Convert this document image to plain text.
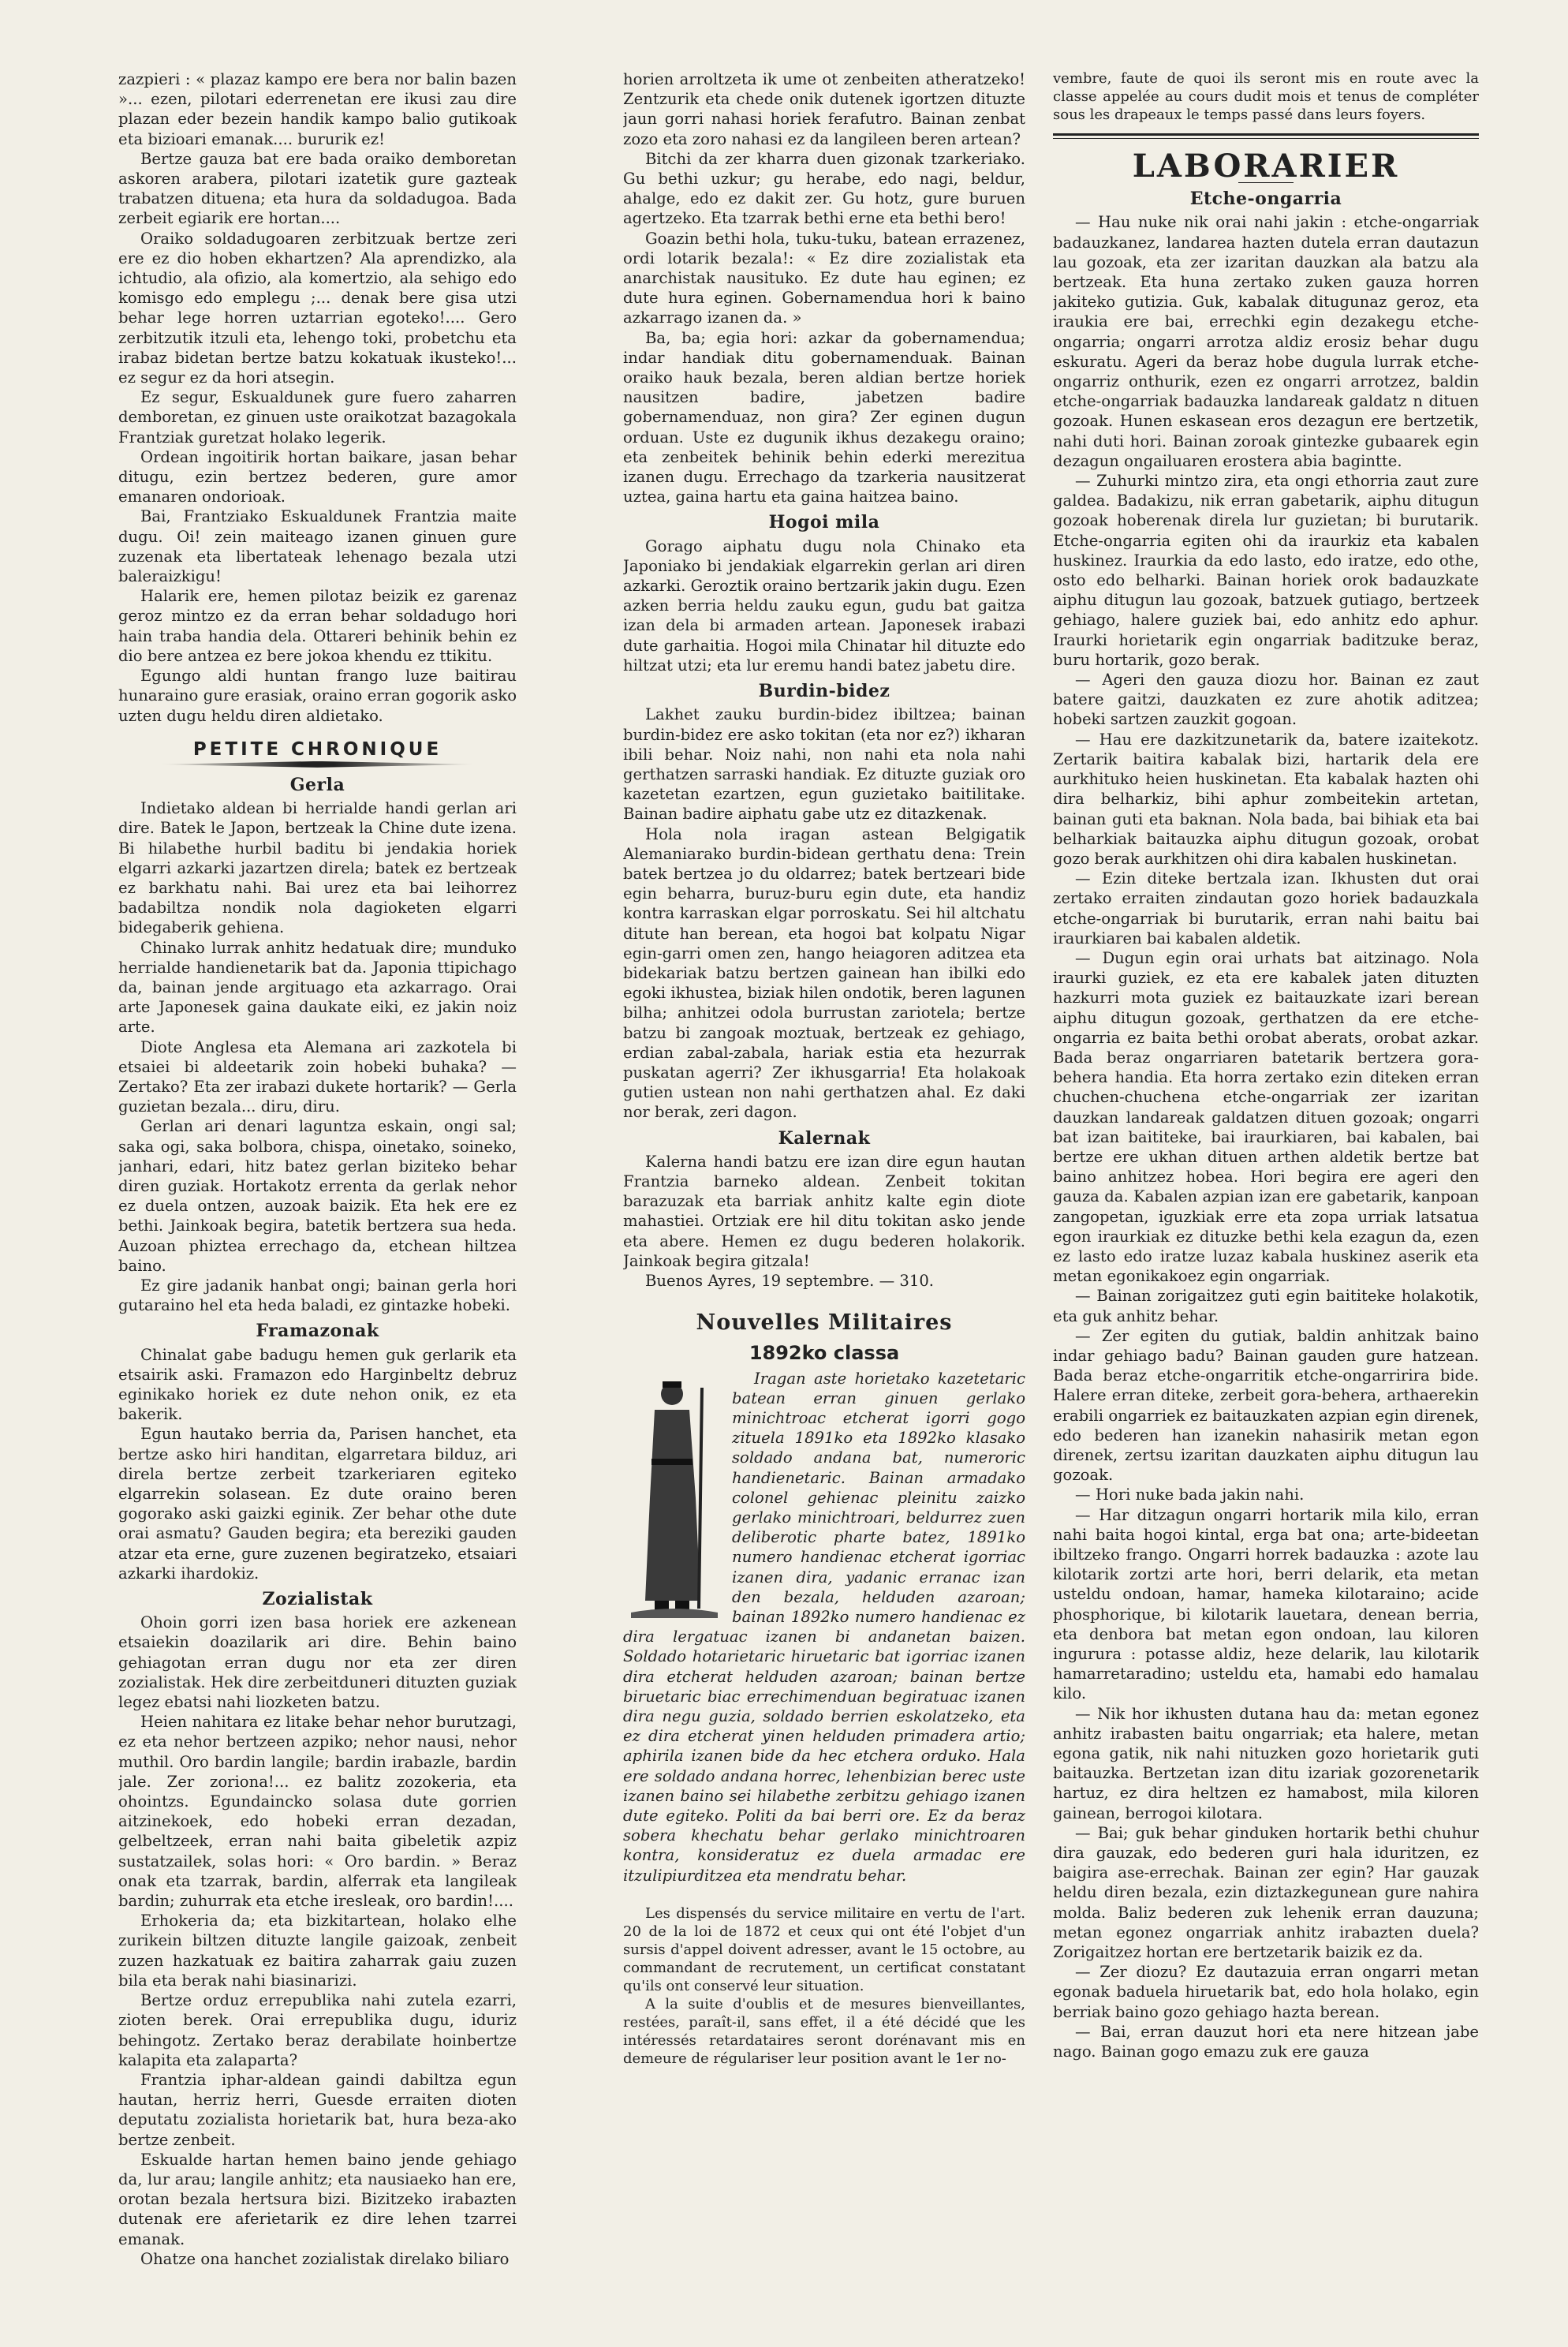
zazpieri : « plazaz kampo ere bera nor balin bazen »... ezen, pilotari ederrenetan ere ikusi zau dire plazan eder bezein handik kampo balio gutikoak eta bizioari emanak.... bururik ez!

Bertze gauza bat ere bada oraiko demboretan askoren arabera, pilotari izatetik gure gazteak trabatzen dituena; eta hura da soldadugoa. Bada zerbeit egiarik ere hortan....

Oraiko soldadugoaren zerbitzuak bertze zeri ere ez dio hoben ekhartzen? Ala aprendizko, ala ichtudio, ala ofizio, ala komertzio, ala sehigo edo komisgo edo emplegu ;... denak bere gisa utzi behar lege horren uztarrian egoteko!.... Gero zerbitzutik itzuli eta, lehengo toki, probetchu eta irabaz bidetan bertze batzu kokatuak ikusteko!... ez segur ez da hori atsegin.

Ez segur, Eskualdunek gure fuero zaharren demboretan, ez ginuen uste oraikotzat bazagokala Frantziak guretzat holako legerik.

Ordean ingoitirik hortan baikare, jasan behar ditugu, ezin bertzez bederen, gure amor emanaren ondorioak.

Bai, Frantziako Eskualdunek Frantzia maite dugu. Oi! zein maiteago izanen ginuen gure zuzenak eta libertateak lehenago bezala utzi baleraizkigu!

Halarik ere, hemen pilotaz beizik ez garenaz geroz mintzo ez da erran behar soldadugo hori hain traba handia dela. Ottareri behinik behin ez dio bere antzea ez bere jokoa khendu ez ttikitu.

Egungo aldi huntan frango luze baitirau hunaraino gure erasiak, oraino erran gogorik asko uzten dugu heldu diren aldietako.

PETITE CHRONIQUE
Gerla

Indietako aldean bi herrialde handi gerlan ari dire. Batek le Japon, bertzeak la Chine dute izena. Bi hilabethe hurbil baditu bi jendakia horiek elgarri azkarki jazartzen direla; batek ez bertzeak ez barkhatu nahi. Bai urez eta bai leihorrez badabiltza nondik nola dagioketen elgarri bidegaberik gehiena.

Chinako lurrak anhitz hedatuak dire; munduko herrialde handienetarik bat da. Japonia ttipichago da, bainan jende argituago eta azkarrago. Orai arte Japonesek gaina daukate eiki, ez jakin noiz arte.

Diote Anglesa eta Alemana ari zazkotela bi etsaiei bi aldeetarik zoin hobeki buhaka? — Zertako? Eta zer irabazi dukete hortarik? — Gerla guzietan bezala... diru, diru.

Gerlan ari denari laguntza eskain, ongi sal; saka ogi, saka bolbora, chispa, oinetako, soineko, janhari, edari, hitz batez gerlan biziteko behar diren guziak. Hortakotz errenta da gerlak nehor ez duela ontzen, auzoak baizik. Eta hek ere ez bethi. Jainkoak begira, batetik bertzera sua heda. Auzoan phiztea errechago da, etchean hiltzea baino.

Ez gire jadanik hanbat ongi; bainan gerla hori gutaraino hel eta heda baladi, ez gintazke hobeki.

Framazonak

Chinalat gabe badugu hemen guk gerlarik eta etsairik aski. Framazon edo Harginbeltz debruz eginikako horiek ez dute nehon onik, ez eta bakerik.

Egun hautako berria da, Parisen hanchet, eta bertze asko hiri handitan, elgarretara bilduz, ari direla bertze zerbeit tzarkeriaren egiteko elgarrekin solasean. Ez dute oraino beren gogorako aski gaizki eginik. Zer behar othe dute orai asmatu? Gauden begira; eta bereziki gauden atzar eta erne, gure zuzenen begiratzeko, etsaiari azkarki ihardokiz.

Zozialistak

Ohoin gorri izen basa horiek ere azkenean etsaiekin doazilarik ari dire. Behin baino gehiagotan erran dugu nor eta zer diren zozialistak. Hek dire zerbeitduneri dituzten guziak legez ebatsi nahi liozketen batzu.

Heien nahitara ez litake behar nehor burutzagi, ez eta nehor bertzeen azpiko; nehor nausi, nehor muthil. Oro bardin langile; bardin irabazle, bardin jale. Zer zoriona!... ez balitz zozokeria, eta ohointzs. Egundaincko solasa dute gorrien aitzinekoek, edo hobeki erran dezadan, gelbeltzeek, erran nahi baita gibeletik azpiz sustatzailek, solas hori: « Oro bardin. » Beraz onak eta tzarrak, bardin, alferrak eta langileak bardin; zuhurrak eta etche iresleak, oro bardin!....

Erhokeria da; eta bizkitartean, holako elhe zurikein biltzen dituzte langile gaizoak, zenbeit zuzen hazkatuak ez baitira zaharrak gaiu zuzen bila eta berak nahi biasinarizi.

Bertze orduz errepublika nahi zutela ezarri, zioten berek. Orai errepublika dugu, iduriz behingotz. Zertako beraz derabilate hoinbertze kalapita eta zalaparta?

Frantzia iphar-aldean gaindi dabiltza egun hautan, herriz herri, Guesde erraiten dioten deputatu zozialista horietarik bat, hura beza-ako bertze zenbeit.

Eskualde hartan hemen baino jende gehiago da, lur arau; langile anhitz; eta nausiaeko han ere, orotan bezala hertsura bizi. Bizitzeko irabazten dutenak ere aferietarik ez dire lehen tzarrei emanak.

Ohatze ona hanchet zozialistak direlako biliaro

horien arroltzeta ik ume ot zenbeiten atheratzeko! Zentzurik eta chede onik dutenek igortzen dituzte jaun gorri nahasi horiek ferafutro. Bainan zenbat zozo eta zoro nahasi ez da langileen beren artean?

Bitchi da zer kharra duen gizonak tzarkeriako. Gu bethi uzkur; gu herabe, edo nagi, beldur, ahalge, edo ez dakit zer. Gu hotz, gure buruen agertzeko. Eta tzarrak bethi erne eta bethi bero!

Goazin bethi hola, tuku-tuku, batean errazenez, ordi lotarik bezala!: « Ez dire zozialistak eta anarchistak nausituko. Ez dute hau eginen; ez dute hura eginen. Gobernamendua hori k baino azkarrago izanen da. »

Ba, ba; egia hori: azkar da gobernamendua; indar handiak ditu gobernamenduak. Bainan oraiko hauk bezala, beren aldian bertze horiek nausitzen badire, jabetzen badire gobernamenduaz, non gira? Zer eginen dugun orduan. Uste ez dugunik ikhus dezakegu oraino; eta zenbeitek behinik behin ederki merezitua izanen dugu. Errechago da tzarkeria nausitzerat uztea, gaina hartu eta gaina haitzea baino.

Hogoi mila

Gorago aiphatu dugu nola Chinako eta Japoniako bi jendakiak elgarrekin gerlan ari diren azkarki. Geroztik oraino bertzarik jakin dugu. Ezen azken berria heldu zauku egun, gudu bat gaitza izan dela bi armaden artean. Japonesek irabazi dute garhaitia. Hogoi mila Chinatar hil dituzte edo hiltzat utzi; eta lur eremu handi batez jabetu dire.

Burdin-bidez

Lakhet zauku burdin-bidez ibiltzea; bainan burdin-bidez ere asko tokitan (eta nor ez?) ikharan ibili behar. Noiz nahi, non nahi eta nola nahi gerthatzen sarraski handiak. Ez dituzte guziak oro kazetetan ezartzen, egun guzietako baitilitake. Bainan badire aiphatu gabe utz ez ditazkenak.

Hola nola iragan astean Belgigatik Alemaniarako burdin-bidean gerthatu dena: Trein batek bertzea jo du oldarrez; batek bertzeari bide egin beharra, buruz-buru egin dute, eta handiz kontra karraskan elgar porroskatu. Sei hil altchatu ditute han berean, eta hogoi bat kolpatu Nigar egin-garri omen zen, hango heiagoren aditzea eta bidekariak batzu bertzen gainean han ibilki edo egoki ikhustea, biziak hilen ondotik, beren lagunen bilha; anhitzei odola burrustan zariotela; bertze batzu bi zangoak moztuak, bertzeak ez gehiago, erdian zabal-zabala, hariak estia eta hezurrak puskatan agerri? Zer ikhusgarria! Eta holakoak gutien ustean non nahi gerthatzen ahal. Ez daki nor berak, zeri dagon.

Kalernak

Kalerna handi batzu ere izan dire egun hautan Frantzia barneko aldean. Zenbeit tokitan barazuzak eta barriak anhitz kalte egin diote mahastiei. Ortziak ere hil ditu tokitan asko jende eta abere. Hemen ez dugu bederen holakorik. Jainkoak begira gitzala!

Buenos Ayres, 19 septembre. — 310.

Nouvelles Militaires
1892ko classa

Iragan aste horietako kazetetaric batean erran ginuen gerlako minichtroac etcherat igorri gogo zituela 1891ko eta 1892ko klasako soldado andana bat, numeroric handienetaric. Bainan armadako colonel gehienac pleinitu zaizko gerlako minichtroari, beldurrez zuen deliberotic pharte batez, 1891ko numero handienac etcherat igorriac izanen dira, yadanic erranac izan den bezala, helduden azaroan; bainan 1892ko numero handienac ez dira lergatuac izanen bi andanetan baizen. Soldado hotarietaric hiruetaric bat igorriac izanen dira etcherat helduden azaroan; bainan bertze biruetaric biac errechimenduan begiratuac izanen dira negu guzia, soldado berrien eskolatzeko, eta ez dira etcherat yinen helduden primadera artio; aphirila izanen bide da hec etchera orduko. Hala ere soldado andana horrec, lehenbizian berec uste izanen baino sei hilabethe zerbitzu gehiago izanen dute egiteko. Politi da bai berri ore. Ez da beraz sobera khechatu behar gerlako minichtroaren kontra, konsideratuz ez duela armadac ere itzulipiurditzea eta mendratu behar.

Les dispensés du service militaire en vertu de l'art. 20 de la loi de 1872 et ceux qui ont été l'objet d'un sursis d'appel doivent adresser, avant le 15 octobre, au commandant de recrutement, un certificat constatant qu'ils ont conservé leur situation.

A la suite d'oublis et de mesures bienveillantes, restées, paraît-il, sans effet, il a été décidé que les intéressés retardataires seront dorénavant mis en demeure de régulariser leur position avant le 1er no-

vembre, faute de quoi ils seront mis en route avec la classe appelée au cours dudit mois et tenus de compléter sous les drapeaux le temps passé dans leurs foyers.

LABORARIER
Etche-ongarria

— Hau nuke nik orai nahi jakin : etche-ongarriak badauzkanez, landarea hazten dutela erran dautazun lau gozoak, eta zer izaritan dauzkan ala batzu ala bertzeak. Eta huna zertako zuken gauza horren jakiteko gutizia. Guk, kabalak ditugunaz geroz, eta iraukia ere bai, errechki egin dezakegu etche-ongarria; ongarri arrotza aldiz erosiz behar dugu eskuratu. Ageri da beraz hobe dugula lurrak etche-ongarriz onthurik, ezen ez ongarri arrotzez, baldin etche-ongarriak badauzka landareak galdatz n dituen gozoak. Hunen eskasean eros dezagun ere bertzetik, nahi duti hori. Bainan zoroak gintezke gubaarek egin dezagun ongailuaren erostera abia bagintte.

— Zuhurki mintzo zira, eta ongi ethorria zaut zure galdea. Badakizu, nik erran gabetarik, aiphu ditugun gozoak hoberenak direla lur guzietan; bi burutarik. Etche-ongarria egiten ohi da iraurkiz eta kabalen huskinez. Iraurkia da edo lasto, edo iratze, edo othe, osto edo belharki. Bainan horiek orok badauzkate aiphu ditugun lau gozoak, batzuek gutiago, bertzeek gehiago, halere guziek bai, edo anhitz edo aphur. Iraurki horietarik egin ongarriak baditzuke beraz, buru hortarik, gozo berak.

— Ageri den gauza diozu hor. Bainan ez zaut batere gaitzi, dauzkaten ez zure ahotik aditzea; hobeki sartzen zauzkit gogoan.

— Hau ere dazkitzunetarik da, batere izaitekotz. Zertarik baitira kabalak bizi, hartarik dela ere aurkhituko heien huskinetan. Eta kabalak hazten ohi dira belharkiz, bihi aphur zombeitekin artetan, bainan guti eta baknan. Nola bada, bai bihiak eta bai belharkiak baitauzka aiphu ditugun gozoak, orobat gozo berak aurkhitzen ohi dira kabalen huskinetan.

— Ezin diteke bertzala izan. Ikhusten dut orai zertako erraiten zindautan gozo horiek badauzkala etche-ongarriak bi burutarik, erran nahi baitu bai iraurkiaren bai kabalen aldetik.

— Dugun egin orai urhats bat aitzinago. Nola iraurki guziek, ez eta ere kabalek jaten dituzten hazkurri mota guziek ez baitauzkate izari berean aiphu ditugun gozoak, gerthatzen da ere etche-ongarria ez baita bethi orobat aberats, orobat azkar. Bada beraz ongarriaren batetarik bertzera gora-behera handia. Eta horra zertako ezin diteken erran chuchen-chuchena etche-ongarriak zer izaritan dauzkan landareak galdatzen dituen gozoak; ongarri bat izan baititeke, bai iraurkiaren, bai kabalen, bai bertze ere ukhan dituen arthen aldetik bertze bat baino anhitzez hobea. Hori begira ere ageri den gauza da. Kabalen azpian izan ere gabetarik, kanpoan zangopetan, iguzkiak erre eta zopa urriak latsatua egon iraurkiak ez dituzke bethi kela ezagun da, ezen ez lasto edo iratze luzaz kabala huskinez aserik eta metan egonikakoez egin ongarriak.

— Bainan zorigaitzez guti egin baititeke holakotik, eta guk anhitz behar.

— Zer egiten du gutiak, baldin anhitzak baino indar gehiago badu? Bainan gauden gure hatzean. Bada beraz etche-ongarritik etche-ongarririra bide. Halere erran diteke, zerbeit gora-behera, arthaerekin erabili ongarriek ez baitauzkaten azpian egin direnek, edo bederen han izanekin nahasirik metan egon direnek, zertsu izaritan dauzkaten aiphu ditugun lau gozoak.

— Hori nuke bada jakin nahi.

— Har ditzagun ongarri hortarik mila kilo, erran nahi baita hogoi kintal, erga bat ona; arte-bideetan ibiltzeko frango. Ongarri horrek badauzka : azote lau kilotarik zortzi arte hori, berri delarik, eta metan usteldu ondoan, hamar, hameka kilotaraino; acide phosphorique, bi kilotarik lauetara, denean berria, eta denbora bat metan egon ondoan, lau kiloren ingurura : potasse aldiz, heze delarik, lau kilotarik hamarretaradino; usteldu eta, hamabi edo hamalau kilo.

— Nik hor ikhusten dutana hau da: metan egonez anhitz irabasten baitu ongarriak; eta halere, metan egona gatik, nik nahi nituzken gozo horietarik guti baitauzka. Bertzetan izan ditu izariak gozorenetarik hartuz, ez dira heltzen ez hamabost, mila kiloren gainean, berrogoi kilotara.

— Bai; guk behar ginduken hortarik bethi chuhur dira gauzak, edo bederen guri hala iduritzen, ez baigira ase-errechak. Bainan zer egin? Har gauzak heldu diren bezala, ezin diztazkegunean gure nahira molda. Baliz bederen zuk lehenik erran dauzuna; metan egonez ongarriak anhitz irabazten duela? Zorigaitzez hortan ere bertzetarik baizik ez da.

— Zer diozu? Ez dautazuia erran ongarri metan egonak baduela hiruetarik bat, edo hola holako, egin berriak baino gozo gehiago hazta berean.

— Bai, erran dauzut hori eta nere hitzean jabe nago. Bainan gogo emazu zuk ere gauza
